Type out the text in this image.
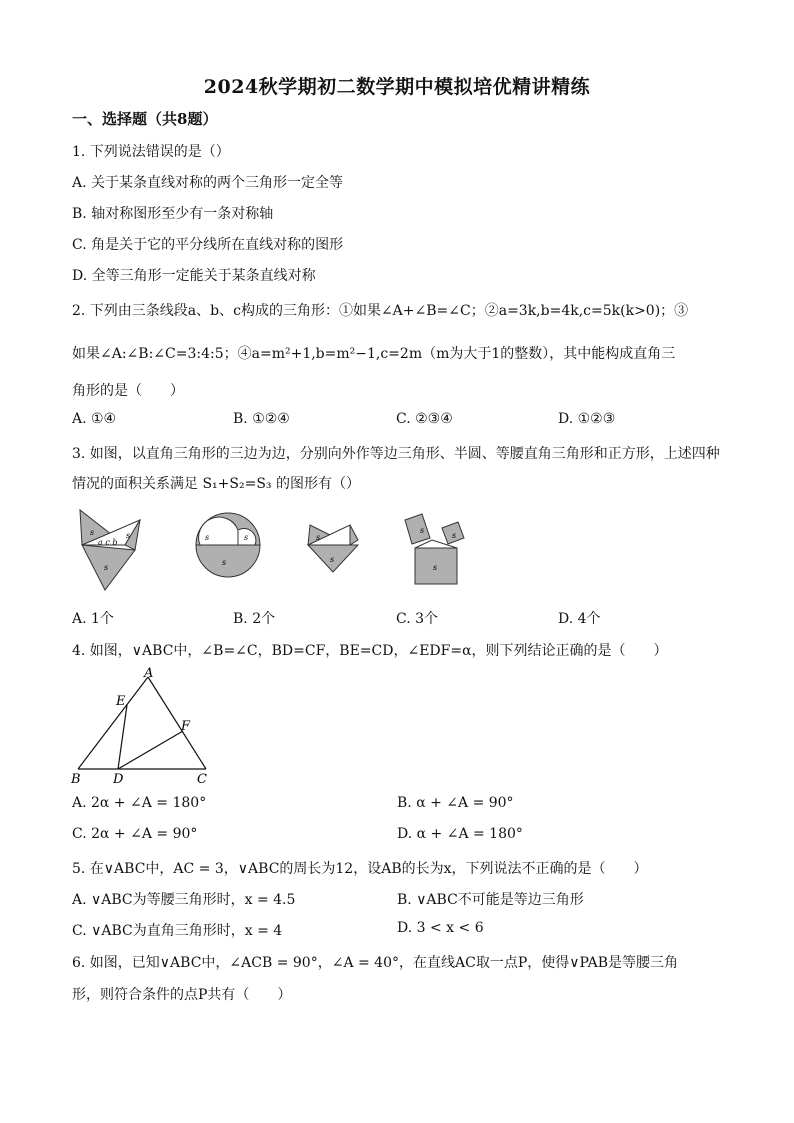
2024秋学期初二数学期中模拟培优精讲精练
一、选择题（共8题）
1. 下列说法错误的是（）
A. 关于某条直线对称的两个三角形一定全等
B. 轴对称图形至少有一条对称轴
C. 角是关于它的平分线所在直线对称的图形
D. 全等三角形一定能关于某条直线对称
2. 下列由三条线段a、b、c构成的三角形：①如果∠A+∠B=∠C；②a=3k,b=4k,c=5k(k>0)；③
如果∠A:∠B:∠C=3:4:5；④a=m²+1,b=m²−1,c=2m（m为大于1的整数），其中能构成直角三
角形的是（　　）
A. ①④	B. ①②④	C. ②③④	D. ①②③
3. 如图，以直角三角形的三边为边，分别向外作等边三角形、半圆、等腰直角三角形和正方形，上述四种
情况的面积关系满足 S₁+S₂=S₃ 的图形有（）
s	s
s
a c b
s	s
s
s
s
s
s
s
A. 1个	B. 2个	C. 3个	D. 4个
4. 如图，∨ABC中，∠B=∠C，BD=CF，BE=CD，∠EDF=α，则下列结论正确的是（　　）
A
E
F
B D	C
A. 2α + ∠A = 180°	B. α + ∠A = 90°
C. 2α + ∠A = 90°	D. α + ∠A = 180°
5. 在∨ABC中，AC = 3，∨ABC的周长为12，设AB的长为x，下列说法不正确的是（　　）
A. ∨ABC为等腰三角形时，x = 4.5	B. ∨ABC不可能是等边三角形
C. ∨ABC为直角三角形时，x = 4	D. 3 < x < 6
6. 如图，已知∨ABC中，∠ACB = 90°，∠A = 40°，在直线AC取一点P，使得∨PAB是等腰三角
形，则符合条件的点P共有（　　）
